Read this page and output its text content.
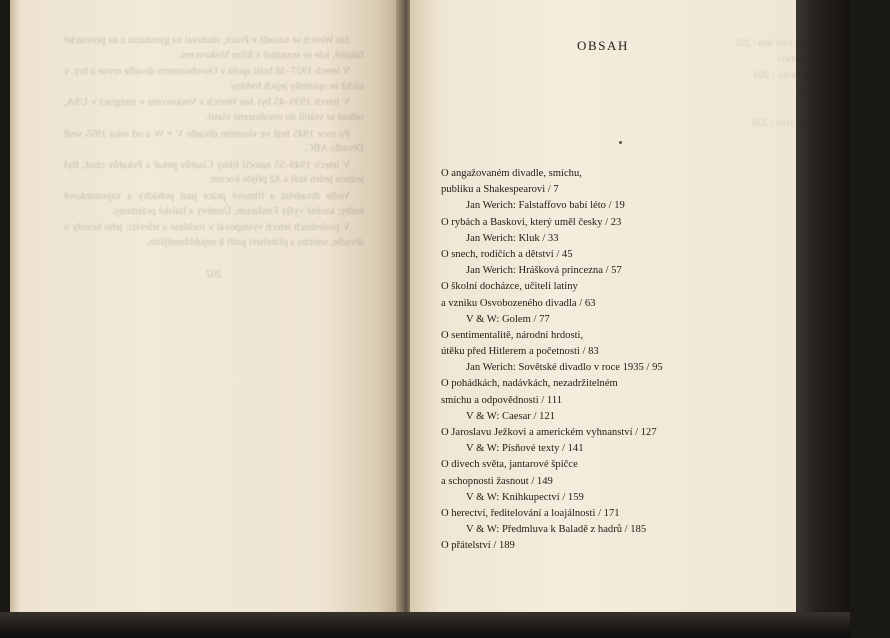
Jan Werich se narodil v Praze, studoval na gymnáziu a na právnické fakultě, kde se seznámil s Jiřím Voskovcem.

V letech 1927–38 hráli spolu v Osvobozeném divadle revue a hry, v nichž se uplatnily jejich forbíny.

V letech 1939–45 byl Jan Werich s Voskovcem v emigraci v USA, odkud se vrátili do osvobozené vlasti.

Po roce 1945 hrál ve vlastním divadle V + W a od roku 1955 vedl Divadlo ABC.

V letech 1949–55 natočil filmy Císařův pekař a Pekařův císař, Byl jednou jeden král a Až přijde kocour.

Vedle divadelní a filmové práce psal pohádky a vzpomínkové knihy; knižně vyšly Fimfárum, Úsměvy a Italské prázdniny.

V posledních letech vystupoval v rozhlase a televizi; jeho besedy o divadle, smíchu a přátelství patří k nejoblíbenějším.

202

Jan Werich: Falstaffovo babí léto / 201
O rybách, přátelích a dětství
a Baskovi, který uměl česky / 203
Jan Werich: Kluk / 219
O snech / 222
Jan Werich: Král má tři syny / 228
Bibliografie / 241
OBSAH
O angažovaném divadle, smíchu,
publiku a Shakespearovi / 7
Jan Werich: Falstaffovo babí léto / 19
O rybách a Baskovi, který uměl česky / 23
Jan Werich: Kluk / 33
O snech, rodičích a dětství / 45
Jan Werich: Hrášková princezna / 57
O školní docházce, učiteli latiny
a vzniku Osvobozeného divadla / 63
V & W: Golem / 77
O sentimentalitě, národní hrdosti,
útěku před Hitlerem a početnosti / 83
Jan Werich: Sovětské divadlo v roce 1935 / 95
O pohádkách, nadávkách, nezadržitelném
smíchu a odpovědnosti / 111
V & W: Caesar / 121
O Jaroslavu Ježkovi a americkém vyhnanství / 127
V & W: Písňové texty / 141
O divech světa, jantarové špičce
a schopnosti žasnout / 149
V & W: Knihkupectví / 159
O herectví, ředitelování a loajálnosti / 171
V & W: Předmluva k Baladě z hadrů / 185
O přátelství / 189
